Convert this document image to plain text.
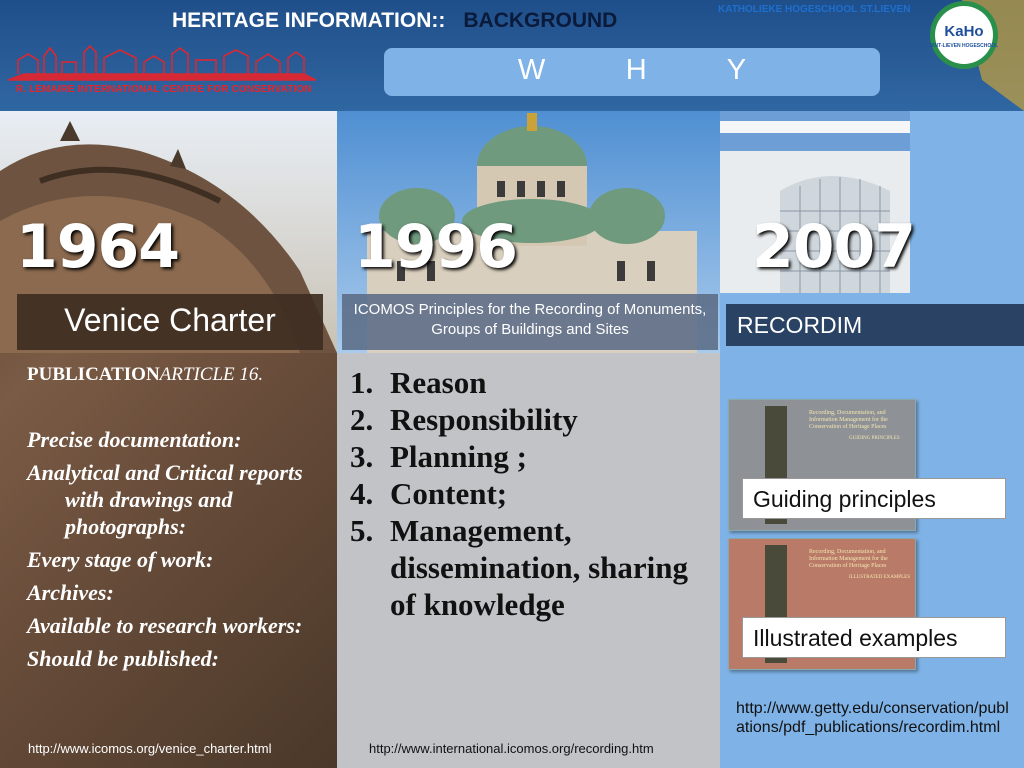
R. LEMAIRE INTERNATIONAL CENTRE FOR CONSERVATION
HERITAGE INFORMATION:: BACKGROUND	KATHOLIEKE HOGESCHOOL ST.LIEVEN
W          H          Y
KaHo
SINT-LIEVEN HOGESCHOOL
1964
Venice Charter
PUBLICATIONARTICLE 16.
Precise documentation:
Analytical and Critical reports with drawings and photographs:
Every stage of work:
Archives:
Available to research workers:
Should be published:
http://www.icomos.org/venice_charter.html
1996
ICOMOS Principles for the Recording of Monuments, Groups of Buildings and Sites
1. Reason
2. Responsibility
3. Planning ;
4. Content;
5. Management, dissemination, sharing of knowledge
http://www.international.icomos.org/recording.htm
2007
RECORDIM
Recording, Documentation, and Information Management for the Conservation of Heritage Places
GUIDING PRINCIPLES
Guiding principles
Recording, Documentation, and Information Management for the Conservation of Heritage Places
ILLUSTRATED EXAMPLES
Illustrated examples
http://www.getty.edu/conservation/publ
ations/pdf_publications/recordim.html
